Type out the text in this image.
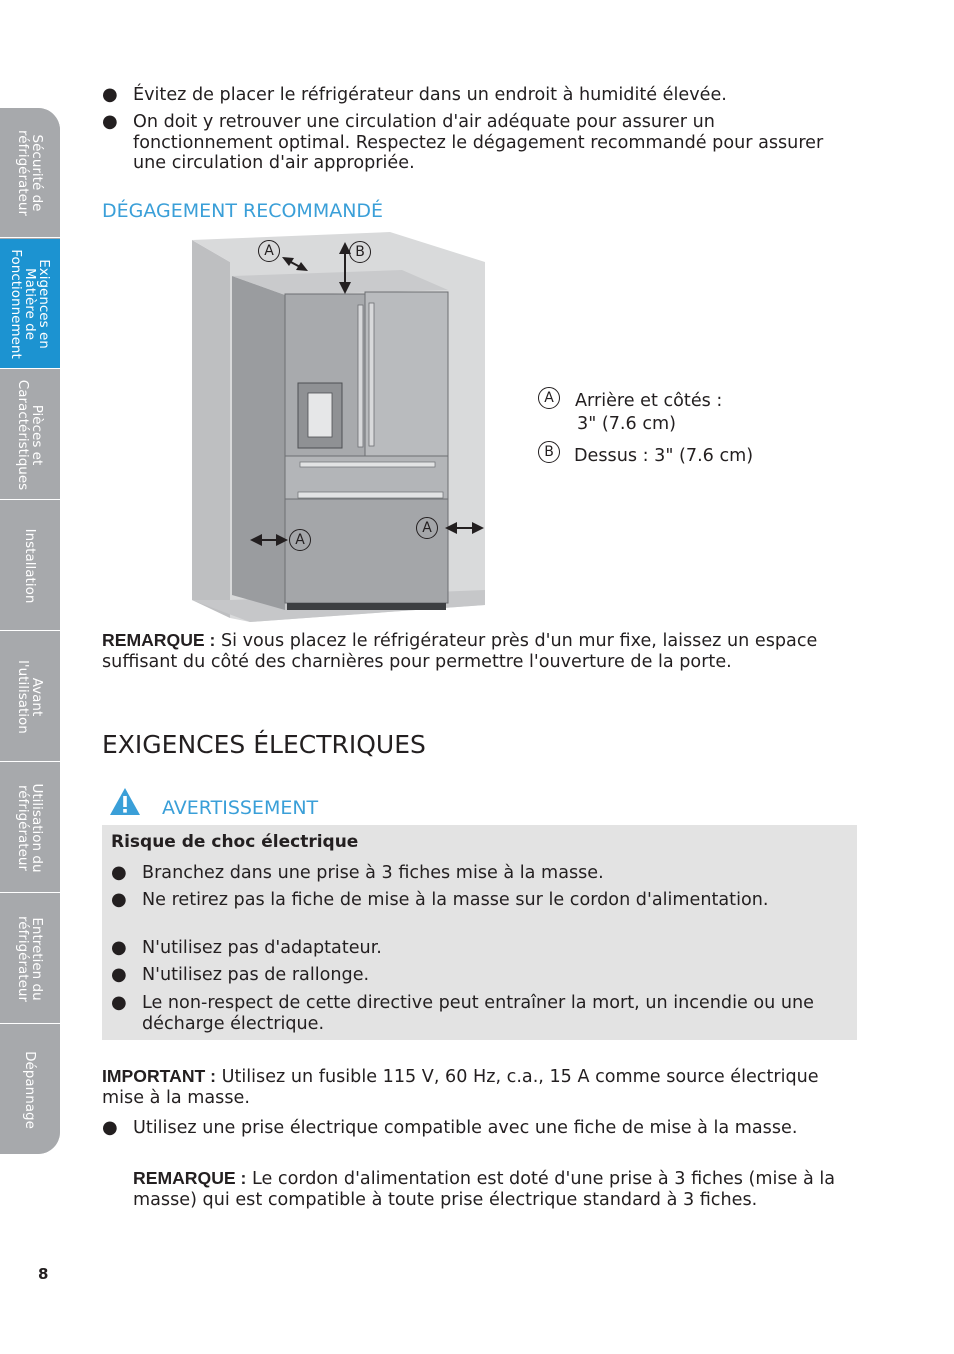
Sécurité de
réfrigérateur
Exigences en
Matière de
Fonctionnement
Pièces et
Caractéristiques
Installation
Avant
l'utilisation
Utilisation du
réfrigérateur
Entretien du
réfrigérateur
Dépannage
● Évitez de placer le réfrigérateur dans un endroit à humidité élevée.
● On doit y retrouver une circulation d'air adéquate pour assurer un fonctionnement optimal. Respectez le dégagement recommandé pour assurer une circulation d'air appropriée.
DÉGAGEMENT RECOMMANDÉ
A	B
A
A
A	Arrière et côtés :
3" (7.6 cm)
B	Dessus : 3" (7.6 cm)
REMARQUE : Si vous placez le réfrigérateur près d'un mur fixe, laissez un espace suffisant du côté des charnières pour permettre l'ouverture de la porte.
EXIGENCES ÉLECTRIQUES
AVERTISSEMENT
Risque de choc électrique
● Branchez dans une prise à 3 fiches mise à la masse.
● Ne retirez pas la fiche de mise à la masse sur le cordon d'alimentation.
● N'utilisez pas d'adaptateur.
● N'utilisez pas de rallonge.
● Le non-respect de cette directive peut entraîner la mort, un incendie ou une décharge électrique.
IMPORTANT : Utilisez un fusible 115 V, 60 Hz, c.a., 15 A comme source électrique mise à la masse.
● Utilisez une prise électrique compatible avec une fiche de mise à la masse.
REMARQUE : Le cordon d'alimentation est doté d'une prise à 3 fiches (mise à la masse) qui est compatible à toute prise électrique standard à 3 fiches.
8
